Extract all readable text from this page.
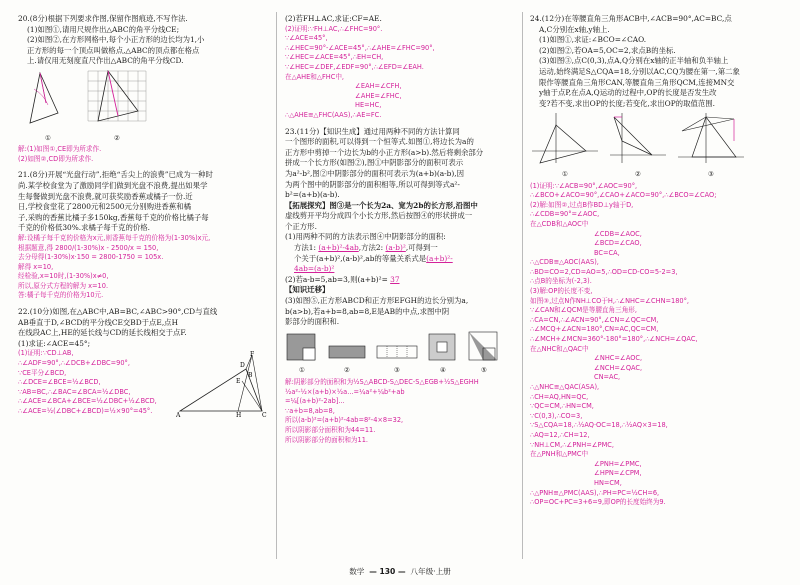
20.(8分)根据下列要求作图,保留作图痕迹,不写作法.

(1)如图①,请用尺规作出△ABC的角平分线CE;

(2)如图②,在方形网格中,每个小正方形的边长均为1,小

正方形的每一个顶点叫做格点,△ABC的顶点都在格点

上.请仅用无刻度直尺作出△ABC的角平分线CD.

①	②

解:(1)如图①,CE即为所求作.

(2)如图②,CD即为所求作.

21.(8分)开展“光盘行动”,拒绝“舌尖上的浪费”已成为一种时

尚.某学校食堂为了激励同学们做到光盘不浪费,提出如果学

生每餐做到光盘不浪费,就可获奖励香蕉或橘子一份.近

日,学校食堂花了2800元和2500元分别购进香蕉和橘

子,采购的香蕉比橘子多150kg,香蕉每千克的价格比橘子每

千克的价格低30%.求橘子每千克的价格.

解:设橘子每千克的价格为x元,则香蕉每千克的价格为(1-30%)x元,

根据题意,得 2800/(1-30%)x - 2500/x = 150,

去分母得(1-30%)x·150 = 2800-1750 = 105x.

解得 x=10,

经检验,x=10时,(1-30%)x≠0,

所以,原分式方程的解为 x=10.

答:橘子每千克的价格为10元.

22.(10分)如图,在△ABC中,AB=BC,∠ABC>90°,CD与直线

AB垂直于D,∠BCD的平分线CE交BD于点E,点H

在线段AC上,HE的延长线与CD的延长线相交于点F.

(1)求证:∠ACE=45°;

(1)证明:∵CD⊥AB,

∴∠ADF=90°,∴∠DCB+∠DBC=90°,

∵CE平分∠BCD,

∴∠DCE=∠BCE=½∠BCD,

∵AB=BC,∴∠BAC=∠BCA=½∠DBC,

∴∠ACE=∠BCA+∠BCE=½∠DBC+½∠BCD,

∴∠ACE=½(∠DBC+∠BCD)=½×90°=45°.

F
D
B
E
A	H	C

(2)若FH⊥AC,求证:CF=AE.

(2)证明:∵FH⊥AC,∴∠FHC=90°.

∵∠ACE=45°,

∴∠HEC=90°-∠ACE=45°,∴∠AHE=∠FHC=90°,

∵∠HEC=∠ACE=45°,∴EH=CH,

∵∠HEC=∠DEF,∠EDF=90°,∴∠EFD=∠EAH.

在△AHE和△FHC中,

∠EAH=∠CFH,

∠AHE=∠FHC,

HE=HC,

∴△AHE≌△FHC(AAS),∴AE=FC.

23.(11分)【知识生成】通过用两种不同的方法计算同

一个图形的面积,可以得到一个恒等式.如图①,将边长为a的

正方形中剪掉一个边长为b的小正方形(a>b).然后将剩余部分

拼成一个长方形(如图②),图①中阴影部分的面积可表示

为a²-b²,图②中阴影部分的面积可表示为(a+b)(a-b),因

为两个图中的阴影部分的面积相等,所以可得到等式a²-

b²=(a+b)(a-b).

【拓展探究】图③是一个长为2a、宽为2b的长方形,沿图中

虚线剪开平均分成四个小长方形,然后按图④的形状拼成一

个正方形.

(1)用两种不同的方法表示图④中阴影部分的面积:

方法1: (a+b)²-4ab,方法2: (a-b)²,可得到一

个关于(a+b)²,(a-b)²,ab的等量关系式是(a+b)²-

4ab=(a-b)²

(2)若a-b=5,ab=3,则(a+b)²= 37

【知识迁移】

(3)如图⑤,正方形ABCD和正方形EFGH的边长分别为a,

b(a>b),若a+b=8,ab=8,E是AB的中点,求图中阴

影部分的面积和.

①	②	③	④	⑤

解:阴影部分的面积和为½S△ABCD-S△DEC-S△EGB+½S△EGHH

½a²-½×(a+b)×½a...=¼a²+¼b²+ab

=¼[(a+b)²-2ab]...

∵a+b=8,ab=8,

所以(a-b)²=(a+b)²-4ab=8²-4×8=32,

所以阴影部分面积和为44=11.

所以阴影部分的面积和为11.

24.(12分)在等腰直角三角形ACB中,∠ACB=90°,AC=BC,点

A,C分别在x轴,y轴上.

(1)如图①,求证:∠BCO=∠CAO.

(2)如图②,若OA=5,OC=2,求点B的坐标.

(3)如图③,点C(0,3),点A,Q分别在x轴的正半轴和负半轴上

运动,始终满足S△CQA=18,分别以AC,CQ为腰在第一,第二象

限作等腰直角三角形CAN,等腰直角三角形QCM,连接MN交

y轴于点P,在点A,Q运动的过程中,OP的长度是否发生改

变?若不变,求出OP的长度;若变化,求出OP的取值范围.

①	②	③

(1)证明:∵∠ACB=90°,∠AOC=90°,

∴∠BCO+∠ACO=90°,∠CAO+∠ACO=90°,∴∠BCO=∠CAO;

(2)解:如图②,过点B作BD⊥y轴于D,

∴∠CDB=90°=∠AOC,

在△CDB和△AOC中

∠CDB=∠AOC,

∠BCD=∠CAO,

BC=CA,

∴△CDB≌△AOC(AAS),

∴BD=CO=2,CD=AO=5,∴OD=CD-CO=5-2=3,

∴点B的坐标为(-2,3).

(3)解:OP的长度不变,

如图③,过点N作NH⊥CO于H,∴∠NHC=∠CHN=180°,

∵∠CAN和∠QCM是等腰直角三角形,

∴CA=CN,∴∠ACN=90°,∠CN=∠QC=CM,

∴∠MCQ+∠ACN=180°,CN=AC,QC=CM,

∴∠MCH+∠MCN=360°-180°=180°,∴∠NCH=∠QAC,

在△NHC和△QAC中

∠NHC=∠AOC,

∠NCH=∠QAC,

CN=AC,

∴△NHC≌△QAC(ASA),

∴CH=AQ,HN=QC,

∵QC=CM,∴HN=CM,

∵C(0,3),∴CO=3,

∵S△CQA=18,∴½AQ·OC=18,∴½AQ×3=18,

∴AQ=12,∴CH=12,

∵NH⊥CM,∴∠PNH=∠PMC,

在△PNH和△PMC中

∠PNH=∠PMC,

∠HPN=∠CPM,

HN=CM,

∴△PNH≌△PMC(AAS),∴PH=PC=½CH=6,

∴OP=OC+PC=3+6=9,即OP的长度始终为9.

数学 — 130 — 八年级·上册
